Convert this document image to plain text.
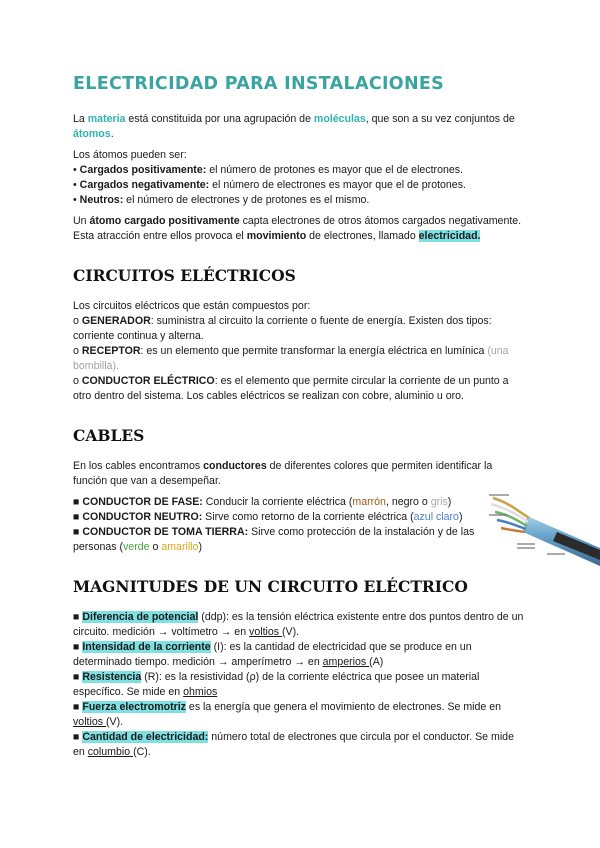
ELECTRICIDAD PARA INSTALACIONES

La materia está constituida por una agrupación de moléculas, que son a su vez conjuntos de átomos.

Los átomos pueden ser:

• Cargados positivamente: el número de protones es mayor que el de electrones.

• Cargados negativamente: el número de electrones es mayor que el de protones.

• Neutros: el número de electrones y de protones es el mismo.

Un átomo cargado positivamente capta electrones de otros átomos cargados negativamente. Esta atracción entre ellos provoca el movimiento de electrones, llamado electricidad.

CIRCUITOS ELÉCTRICOS

Los circuitos eléctricos que están compuestos por:

o GENERADOR: suministra al circuito la corriente o fuente de energía. Existen dos tipos: corriente continua y alterna.

o RECEPTOR: es un elemento que permite transformar la energía eléctrica en lumínica (una bombilla).

o CONDUCTOR ELÉCTRICO: es el elemento que permite circular la corriente de un punto a otro dentro del sistema. Los cables eléctricos se realizan con cobre, aluminio u oro.

CABLES

En los cables encontramos conductores de diferentes colores que permiten identificar la función que van a desempeñar.

■ CONDUCTOR DE FASE: Conducir la corriente eléctrica (marrón, negro o gris)

■ CONDUCTOR NEUTRO: Sirve como retorno de la corriente eléctrica (azul claro)

■ CONDUCTOR DE TOMA TIERRA: Sirve como protección de la instalación y de las personas (verde o amarillo)

MAGNITUDES DE UN CIRCUITO ELÉCTRICO

■ Diferencia de potencial (ddp): es la tensión eléctrica existente entre dos puntos dentro de un circuito. medición → voltímetro → en voltios (V).

■ Intensidad de la corriente (I): es la cantidad de electricidad que se produce en un determinado tiempo. medición → amperímetro → en amperios (A)

■ Resistencia (R): es la resistividad (ρ) de la corriente eléctrica que posee un material específico. Se mide en ohmios

■ Fuerza electromotriz es la energía que genera el movimiento de electrones. Se mide en voltios (V).

■ Cantidad de electricidad: número total de electrones que circula por el conductor. Se mide en columbio (C).
